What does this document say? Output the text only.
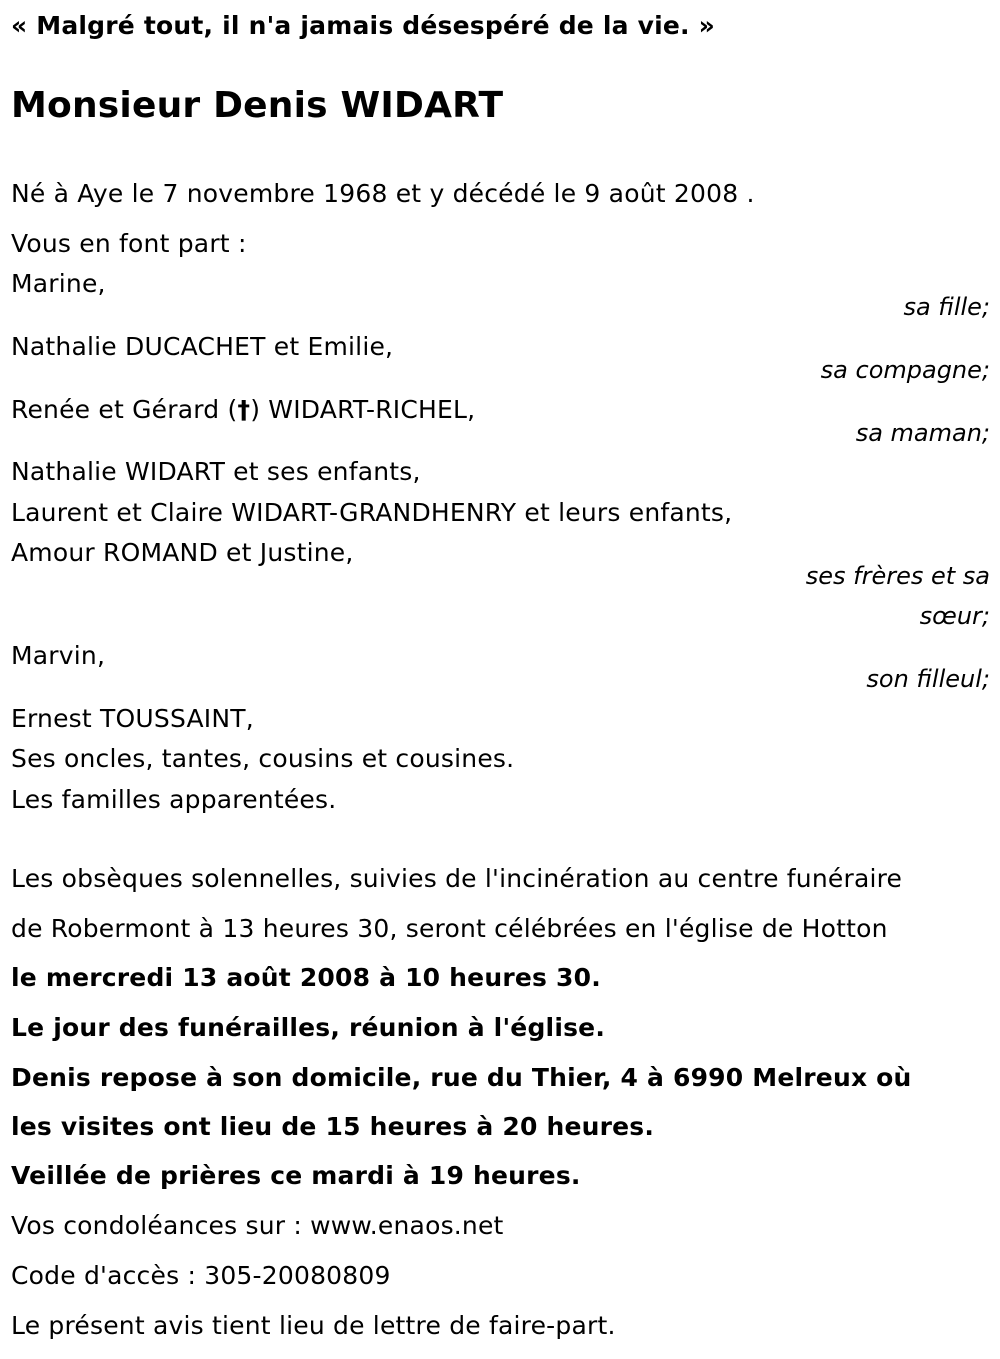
« Malgré tout, il n'a jamais désespéré de la vie. »
Monsieur Denis WIDART
Né à Aye le 7 novembre 1968 et y décédé le 9 août 2008 .
Vous en font part :
Marine,
sa fille;
Nathalie DUCACHET et Emilie,
sa compagne;
Renée et Gérard (†) WIDART-RICHEL,
sa maman;
Nathalie WIDART et ses enfants,
Laurent et Claire WIDART-GRANDHENRY et leurs enfants,
Amour ROMAND et Justine,
ses frères et sa
sœur;
Marvin,
son filleul;
Ernest TOUSSAINT,
Ses oncles, tantes, cousins et cousines.
Les familles apparentées.
Les obsèques solennelles, suivies de l'incinération au centre funéraire
de Robermont à 13 heures 30, seront célébrées en l'église de Hotton
le mercredi 13 août 2008 à 10 heures 30.
Le jour des funérailles, réunion à l'église.
Denis repose à son domicile, rue du Thier, 4 à 6990 Melreux où
les visites ont lieu de 15 heures à 20 heures.
Veillée de prières ce mardi à 19 heures.
Vos condoléances sur : www.enaos.net
Code d'accès : 305-20080809
Le présent avis tient lieu de lettre de faire-part.
